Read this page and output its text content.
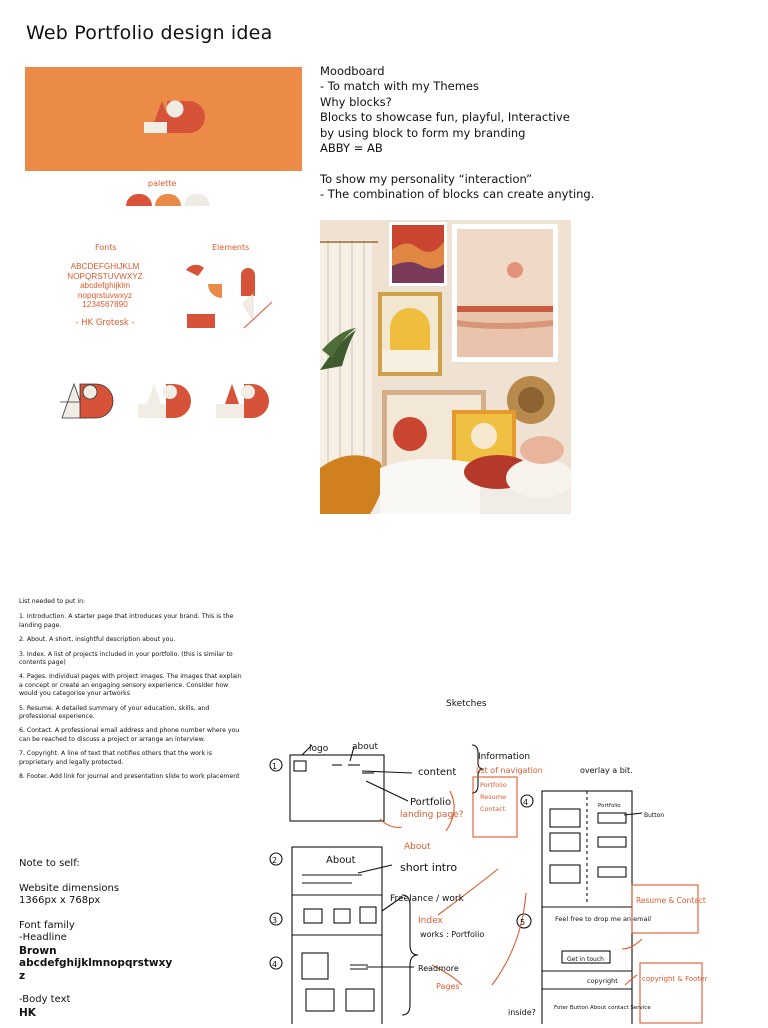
Web Portfolio design idea
palette
Fonts
ABCDEFGHIJKLM
NOPQRSTUVWXYZ
abcdefghijklm
nopqrstuvwxyz
1234567890
- HK Grotesk -
Elements
Moodboard
- To match with my Themes
Why blocks?
Blocks to showcase fun, playful, Interactive
by using block to form my branding
ABBY = AB
To show my personality “interaction”
- The combination of blocks can create anyting.

List needed to put in:

1. Introduction. A starter page that introduces your brand. This is the landing page.

2. About. A short, insightful description about you.

3. Index. A list of projects included in your portfolio. (this is similar to contents page)

4. Pages. Individual pages with project images. The images that explain a concept or create an engaging sensory experience. Consider how would you categorise your artworks

5. Resume. A detailed summary of your education, skills, and professional experience.

6. Contact. A professional email address and phone number where you can be reached to discuss a project or arrange an interview.

7. Copyright. A line of text that notifies others that the work is proprietary and legally protected.

8. Footer. Add link for journal and presentation slide to work placement

Note to self:
Website dimensions
1366px x 768px
Font family
-Headline
Brown
abcdefghijklmnopqrstwxy
z
-Body text
HK
Sketches
logo	about
Information
content
Portfolio
overlay a bit.
About
short intro
Freelance / work
works : Portfolio
Readmore
Feel free to drop me an email
Get in touch
copyright
Foter Button About contact Service
Portfolio
Button
inside?
1
2
3
4
4
5
list of navigation
Portfolio
Resume
Contact
landing page?
About
Index
Pages
Resume & Contact
copyright & Footer
